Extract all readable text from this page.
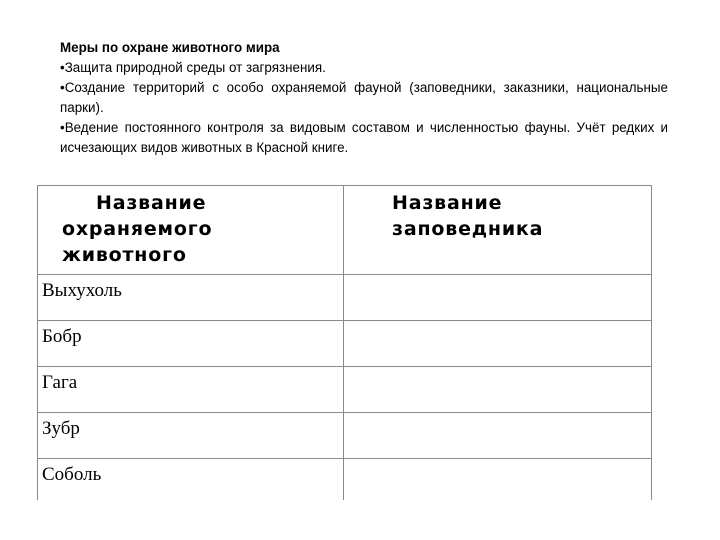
Меры по охране животного мира
•Защита природной среды от загрязнения.
•Создание территорий с особо охраняемой фауной (заповедники, заказники, национальные парки).
•Ведение постоянного контроля за видовым составом и численностью фауны. Учёт редких и исчезающих видов животных в Красной книге.
Название
охраняемого
животного	Название
заповедника

Выхухоль	

Бобр	

Гага	

Зубр	

Соболь	
